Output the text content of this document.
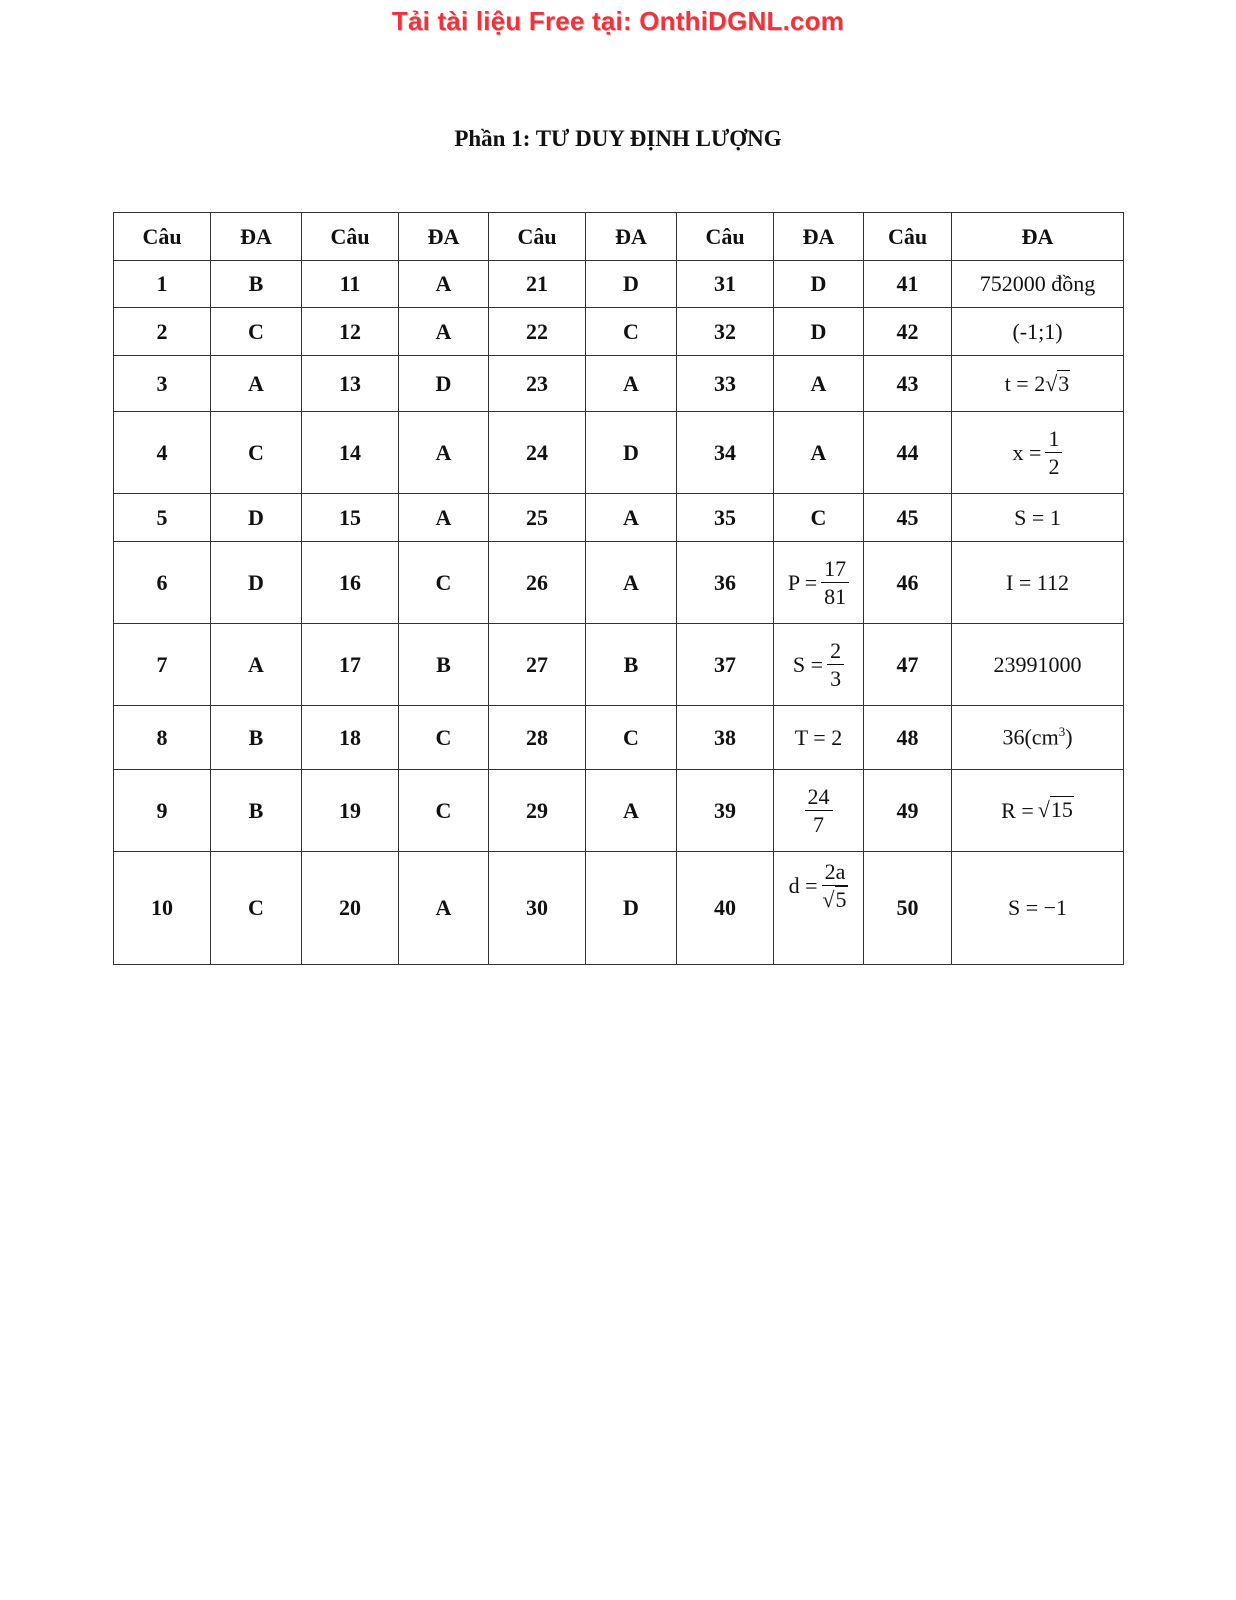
Tải tài liệu Free tại: OnthiDGNL.com
Phần 1: TƯ DUY ĐỊNH LƯỢNG
Câu	ĐA	Câu	ĐA	Câu	ĐA	Câu	ĐA	Câu	ĐA
1	B	11	A	21	D	31	D	41	752000 đồng
2	C	12	A	22	C	32	D	42	(-1;1)
3	A	13	D	23	A	33	A	43	t = 2√3
4	C	14	A	24	D	34	A	44	$x = \frac{1}{2}$

5	D	15	A	25	A	35	C	45	S = 1
6	D	16	C	26	A	36	$P = \frac{17}{81}$	46	I = 112
7	A	17	B	27	B	37	$S = \frac{2}{3}$	47	23991000
8	B	18	C	28	C	38	T = 2	48	$36(cm^3)$
9	B	19	C	29	A	39	$\frac{24}{7}$	49	R = √15
10	C	20	A	30	D	40	$d = \frac{2a}{√5}$	50	S = −1
